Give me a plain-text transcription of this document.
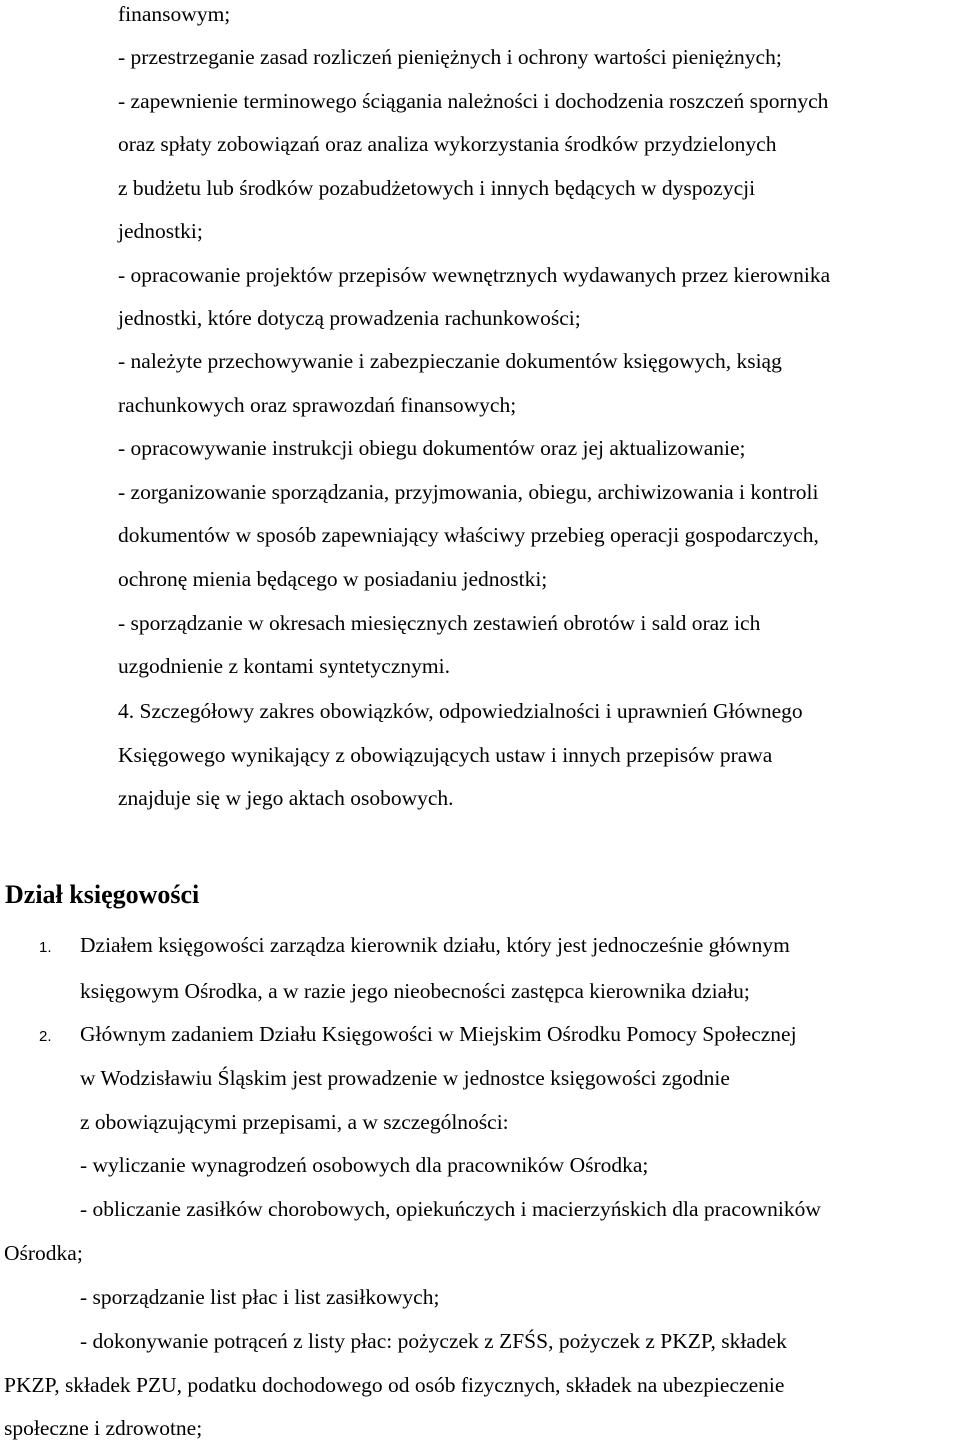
finansowym;
- przestrzeganie zasad rozliczeń pieniężnych i ochrony wartości pieniężnych;
- zapewnienie terminowego ściągania należności i dochodzenia roszczeń spornych
oraz spłaty zobowiązań oraz analiza wykorzystania środków przydzielonych
z budżetu lub środków pozabudżetowych i innych będących w dyspozycji
jednostki;
- opracowanie projektów przepisów wewnętrznych wydawanych przez kierownika
jednostki, które dotyczą prowadzenia rachunkowości;
- należyte przechowywanie i zabezpieczanie dokumentów księgowych, ksiąg
rachunkowych oraz sprawozdań finansowych;
- opracowywanie instrukcji obiegu dokumentów oraz jej aktualizowanie;
- zorganizowanie sporządzania, przyjmowania, obiegu, archiwizowania i kontroli
dokumentów w sposób zapewniający właściwy przebieg operacji gospodarczych,
ochronę mienia będącego w posiadaniu jednostki;
- sporządzanie w okresach miesięcznych zestawień obrotów i sald oraz ich
uzgodnienie z kontami syntetycznymi.
4. Szczegółowy zakres obowiązków, odpowiedzialności i uprawnień Głównego
Księgowego wynikający z obowiązujących ustaw i innych przepisów prawa
znajduje się w jego aktach osobowych.
Dział księgowości
1. Działem księgowości zarządza kierownik działu, który jest jednocześnie głównym
księgowym Ośrodka, a w razie jego nieobecności zastępca kierownika działu;
2. Głównym zadaniem Działu Księgowości w Miejskim Ośrodku Pomocy Społecznej
w Wodzisławiu Śląskim jest prowadzenie w jednostce księgowości zgodnie
z obowiązującymi przepisami, a w szczególności:
- wyliczanie wynagrodzeń osobowych dla pracowników Ośrodka;
- obliczanie zasiłków chorobowych, opiekuńczych i macierzyńskich dla pracowników
Ośrodka;
- sporządzanie list płac i list zasiłkowych;
- dokonywanie potrąceń z listy płac: pożyczek z ZFŚS, pożyczek z PKZP, składek
PKZP, składek PZU, podatku dochodowego od osób fizycznych, składek na ubezpieczenie
społeczne i zdrowotne;
